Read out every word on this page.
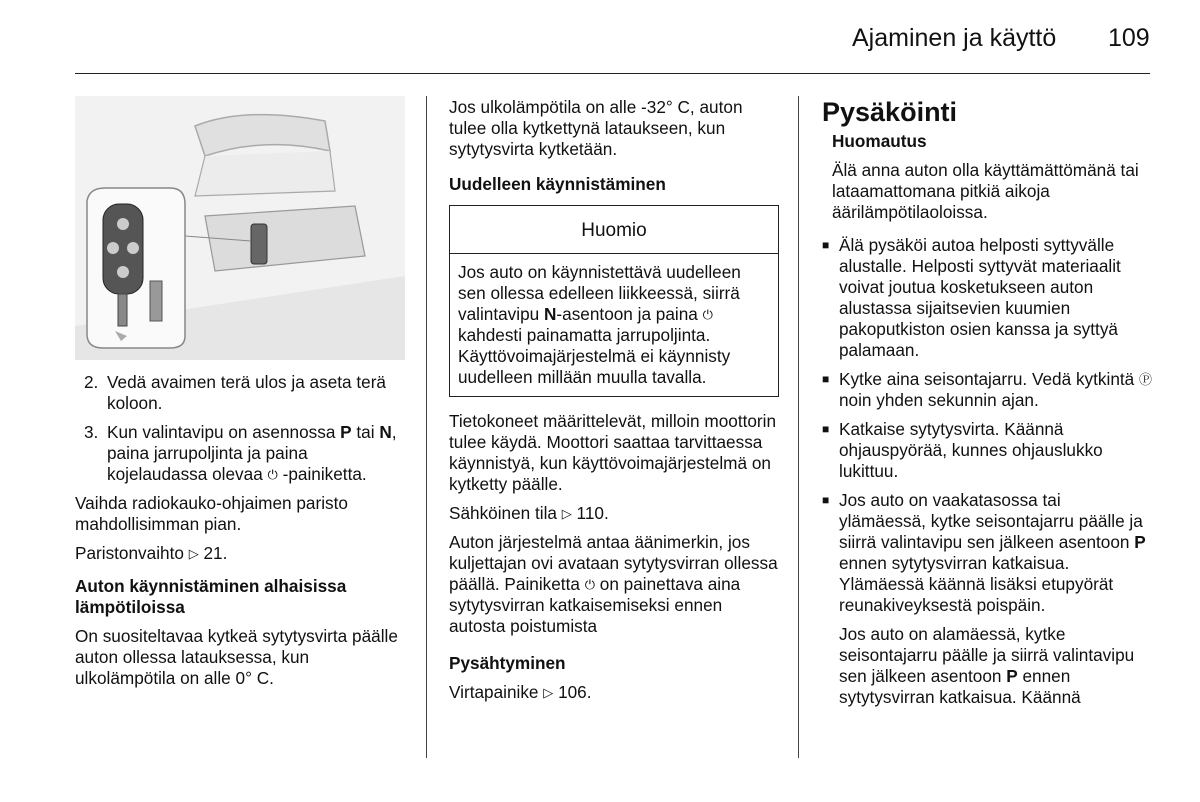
Ajaminen ja käyttö 109
2. Vedä avaimen terä ulos ja aseta terä koloon.
3. Kun valintavipu on asennossa P tai N, paina jarrupoljinta ja paina kojelaudassa olevaa ⏻ -painiketta.

Vaihda radiokauko-ohjaimen paristo mahdollisimman pian.

Paristonvaihto ▷ 21.

Auton käynnistäminen alhaisissa lämpötiloissa

On suositeltavaa kytkeä sytytysvirta päälle auton ollessa latauksessa, kun ulkolämpötila on alle 0° C.

Jos ulkolämpötila on alle -32° C, auton tulee olla kytkettynä lataukseen, kun sytytysvirta kytketään.

Uudelleen käynnistäminen

Huomio
Jos auto on käynnistettävä uudelleen sen ollessa edelleen liikkeessä, siirrä valintavipu N-asentoon ja paina ⏻ kahdesti painamatta jarrupoljinta. Käyttövoimajärjestelmä ei käynnisty uudelleen millään muulla tavalla.

Tietokoneet määrittelevät, milloin moottorin tulee käydä. Moottori saattaa tarvittaessa käynnistyä, kun käyttövoimajärjestelmä on kytketty päälle.

Sähköinen tila ▷ 110.

Auton järjestelmä antaa äänimerkin, jos kuljettajan ovi avataan sytytysvirran ollessa päällä. Painiketta ⏻ on painettava aina sytytysvirran katkaisemiseksi ennen autosta poistumista

Pysähtyminen

Virtapainike ▷ 106.

Pysäköinti

Huomautus

Älä anna auton olla käyttämättömänä tai lataamattomana pitkiä aikoja äärilämpötilaoloissa.

■ Älä pysäköi autoa helposti syttyvälle alustalle. Helposti syttyvät materiaalit voivat joutua kosketukseen auton alustassa sijaitsevien kuumien pakoputkiston osien kanssa ja syttyä palamaan.
■ Kytke aina seisontajarru. Vedä kytkintä Ⓟ noin yhden sekunnin ajan.
■ Katkaise sytytysvirta. Käännä ohjauspyörää, kunnes ohjauslukko lukittuu.
■ Jos auto on vaakatasossa tai ylämäessä, kytke seisontajarru päälle ja siirrä valintavipu sen jälkeen asentoon P ennen sytytysvirran katkaisua. Ylämäessä käännä lisäksi etupyörät reunakiveyksestä poispäin.
Jos auto on alamäessä, kytke seisontajarru päälle ja siirrä valintavipu sen jälkeen asentoon P ennen sytytysvirran katkaisua. Käännä
